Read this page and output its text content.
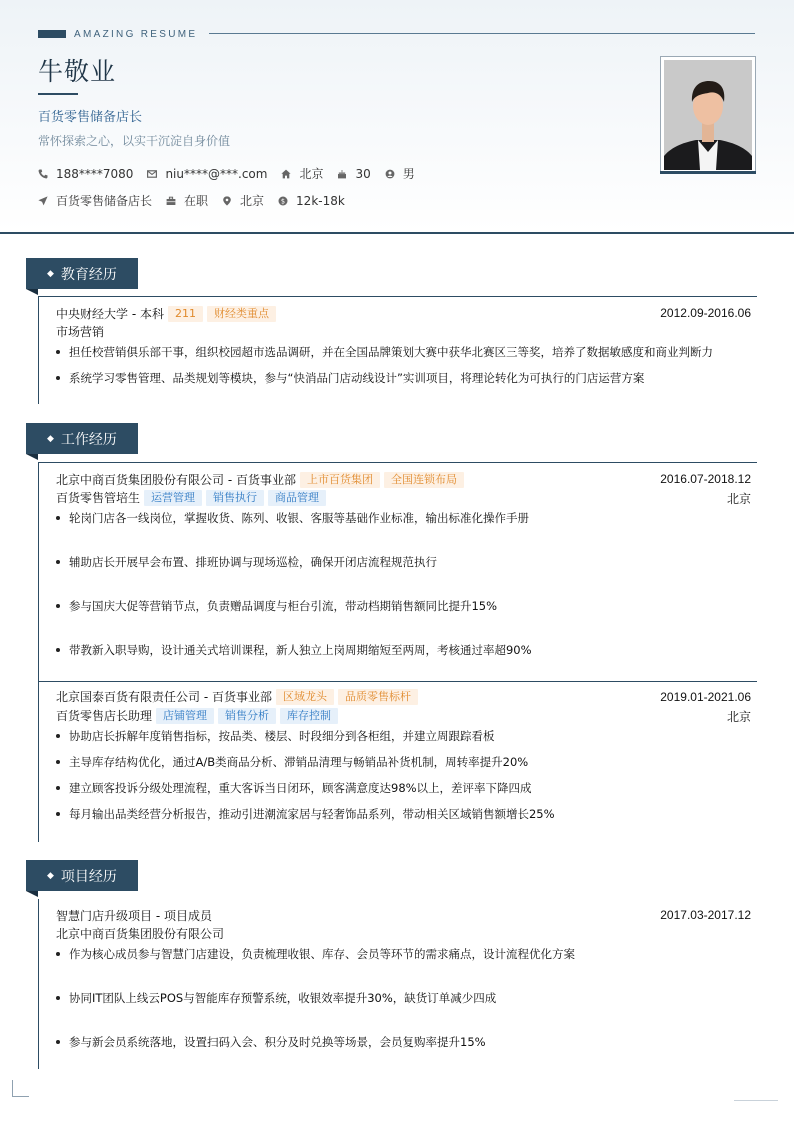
AMAZING RESUME
牛敬业
百货零售储备店长
常怀探索之心，以实干沉淀自身价值
188****7080	niu****@***.com	北京	30	男
百货零售储备店长	在职	北京	$ 12k-18k
◆ 教育经历
中央财经大学 - 本科	211	财经类重点	2012.09-2016.06
市场营销
担任校营销俱乐部干事，组织校园超市选品调研，并在全国品牌策划大赛中获华北赛区三等奖，培养了数据敏感度和商业判断力
系统学习零售管理、品类规划等模块，参与“快消品门店动线设计”实训项目，将理论转化为可执行的门店运营方案
◆ 工作经历
北京中商百货集团股份有限公司 - 百货事业部	上市百货集团	全国连锁布局	2016.07-2018.12
百货零售管培生	运营管理	销售执行	商品管理	北京
轮岗门店各一线岗位，掌握收货、陈列、收银、客服等基础作业标准，输出标准化操作手册
辅助店长开展早会布置、排班协调与现场巡检，确保开闭店流程规范执行
参与国庆大促等营销节点，负责赠品调度与柜台引流，带动档期销售额同比提升15%
带教新入职导购，设计通关式培训课程，新人独立上岗周期缩短至两周，考核通过率超90%
北京国泰百货有限责任公司 - 百货事业部	区域龙头	品质零售标杆	2019.01-2021.06
百货零售店长助理	店铺管理	销售分析	库存控制	北京
协助店长拆解年度销售指标，按品类、楼层、时段细分到各柜组，并建立周跟踪看板
主导库存结构优化，通过A/B类商品分析、滞销品清理与畅销品补货机制，周转率提升20%
建立顾客投诉分级处理流程，重大客诉当日闭环，顾客满意度达98%以上，差评率下降四成
每月输出品类经营分析报告，推动引进潮流家居与轻奢饰品系列，带动相关区域销售额增长25%
◆ 项目经历
智慧门店升级项目 - 项目成员	2017.03-2017.12
北京中商百货集团股份有限公司
作为核心成员参与智慧门店建设，负责梳理收银、库存、会员等环节的需求痛点，设计流程优化方案
协同IT团队上线云POS与智能库存预警系统，收银效率提升30%，缺货订单减少四成
参与新会员系统落地，设置扫码入会、积分及时兑换等场景，会员复购率提升15%
